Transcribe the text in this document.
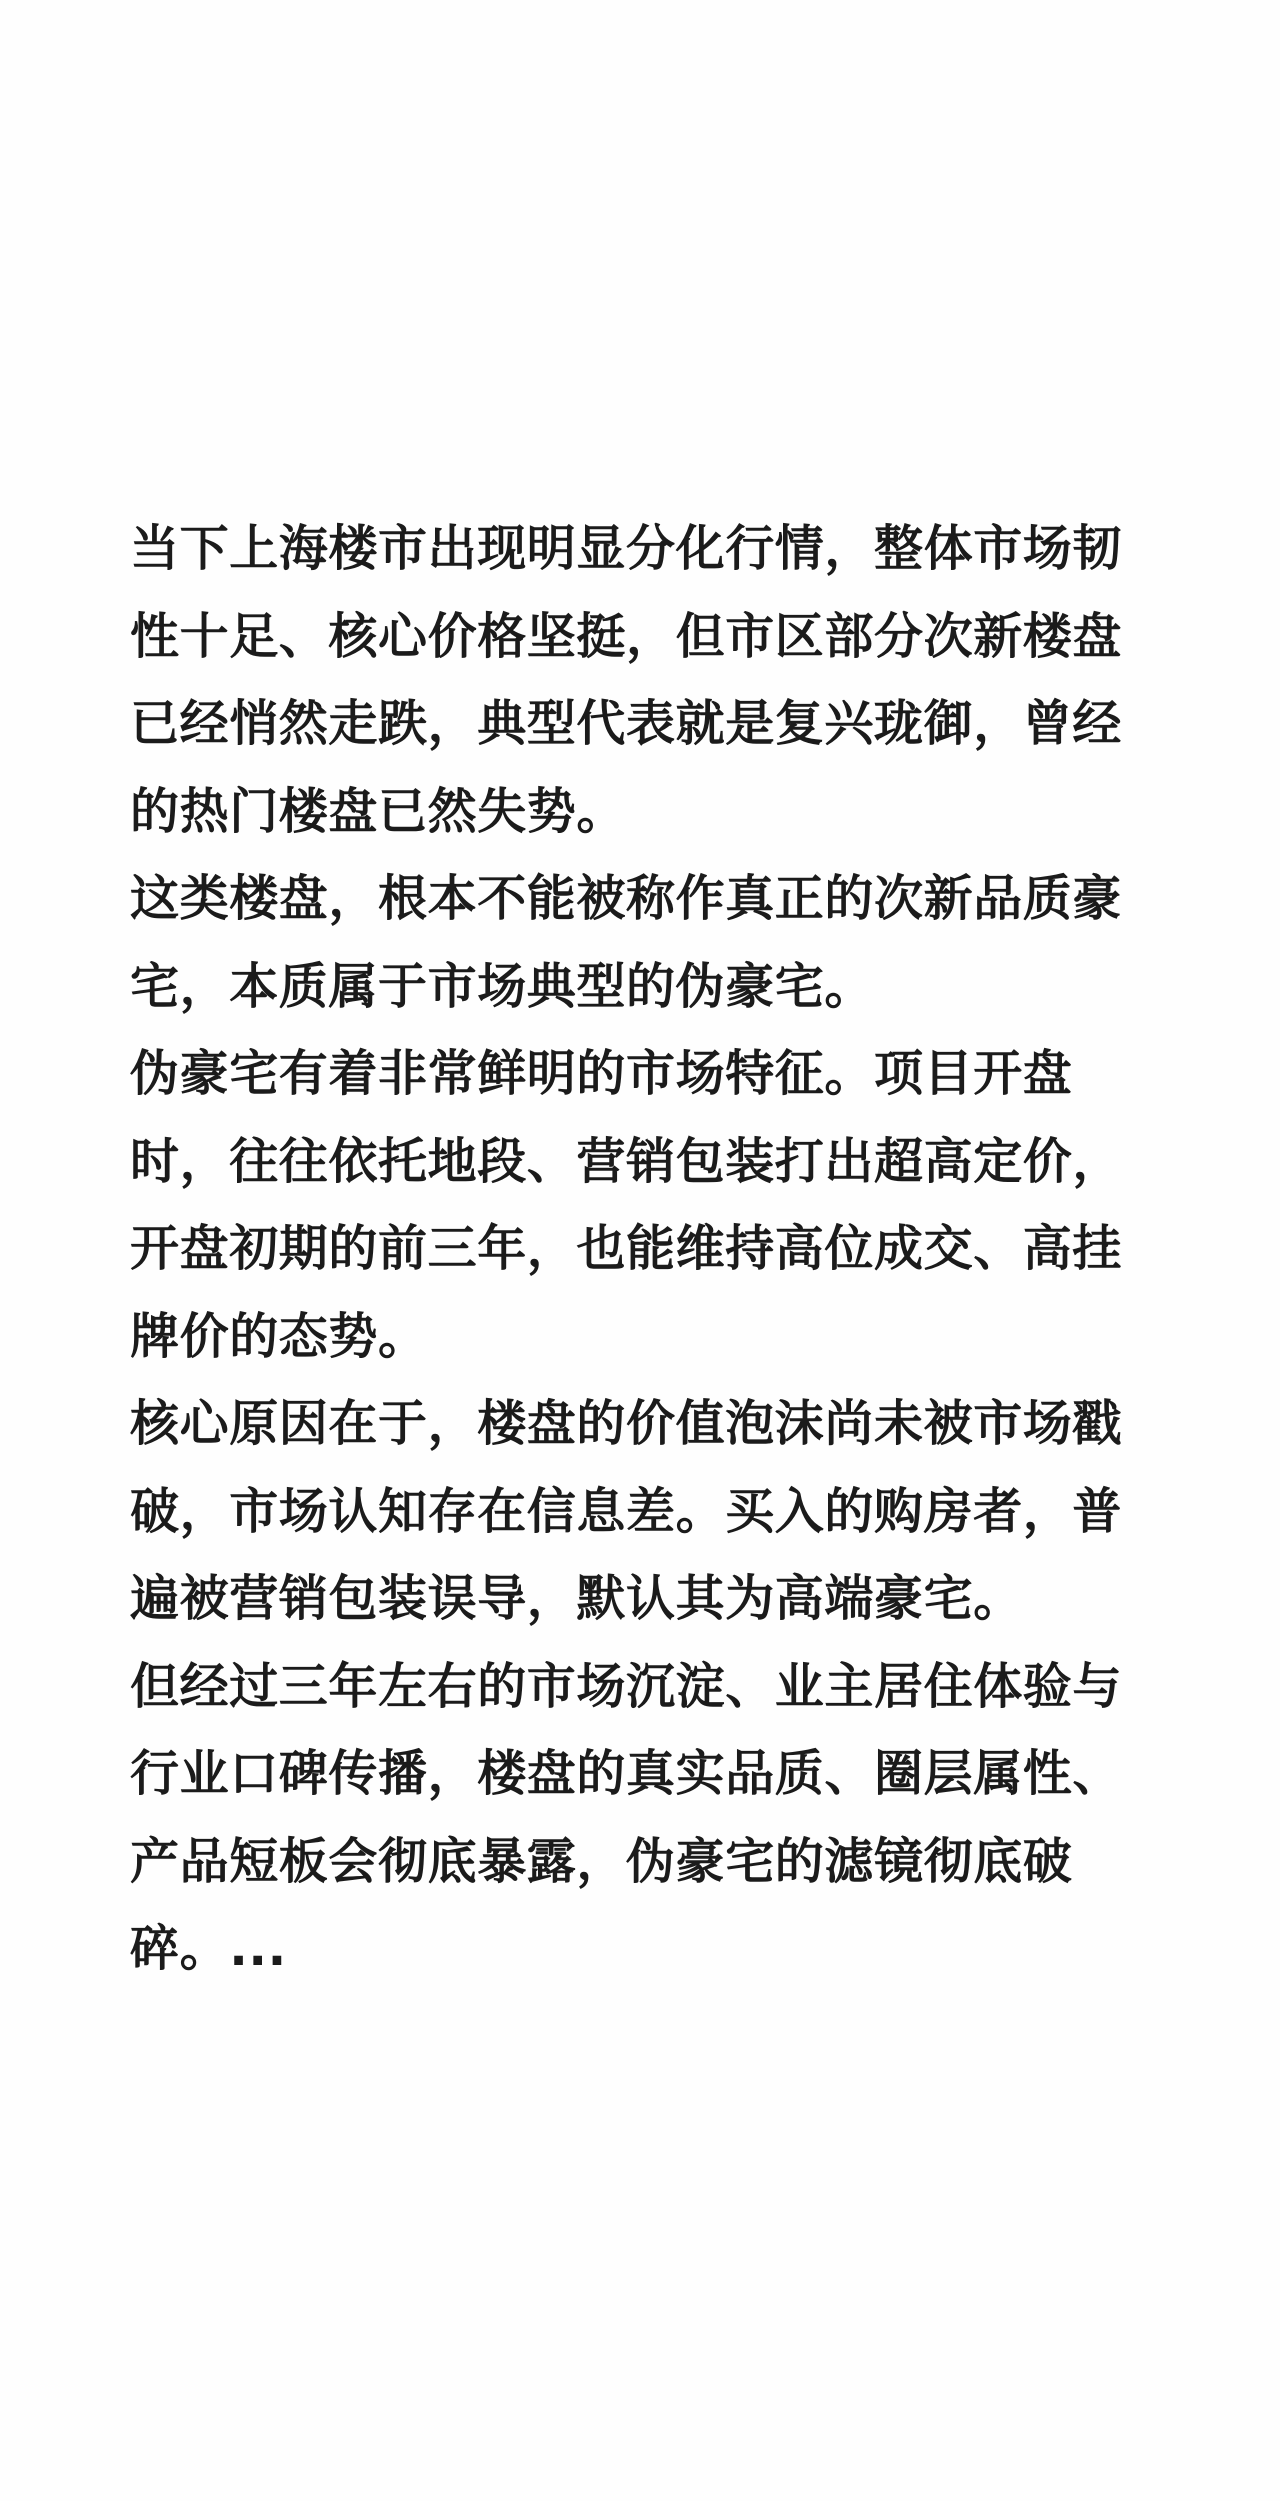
当下上海楼市出现明显分化行情，整体市场韧性十足、核心价格坚挺，但市区部分次新楼盘已经悄然走跌，典型代表就是复兴珑御，曾经的热门楼盘已然失势。

这类楼盘，根本不能被称作真正的次新品质豪宅，本质属于市场典型的伪豪宅。

伪豪宅有着非常鲜明的市场特征。项目开盘时，往往依托地段、营销包装打出超高定价，开盘初期的前三年，也能维持高位成交、高挂牌价的态势。

核心原因在于，楼盘的价值泡沫尚未被市场戳破，市场认知存在信息差。买入的购房者，普遍被营销包装误导，默认其为高端豪宅。

但经过三年左右的市场沉淀、业主居住体验与行业口碑传播，楼盘的真实品质、圈层属性、产品短板会彻底暴露，伪豪宅的滤镜彻底破碎。...
